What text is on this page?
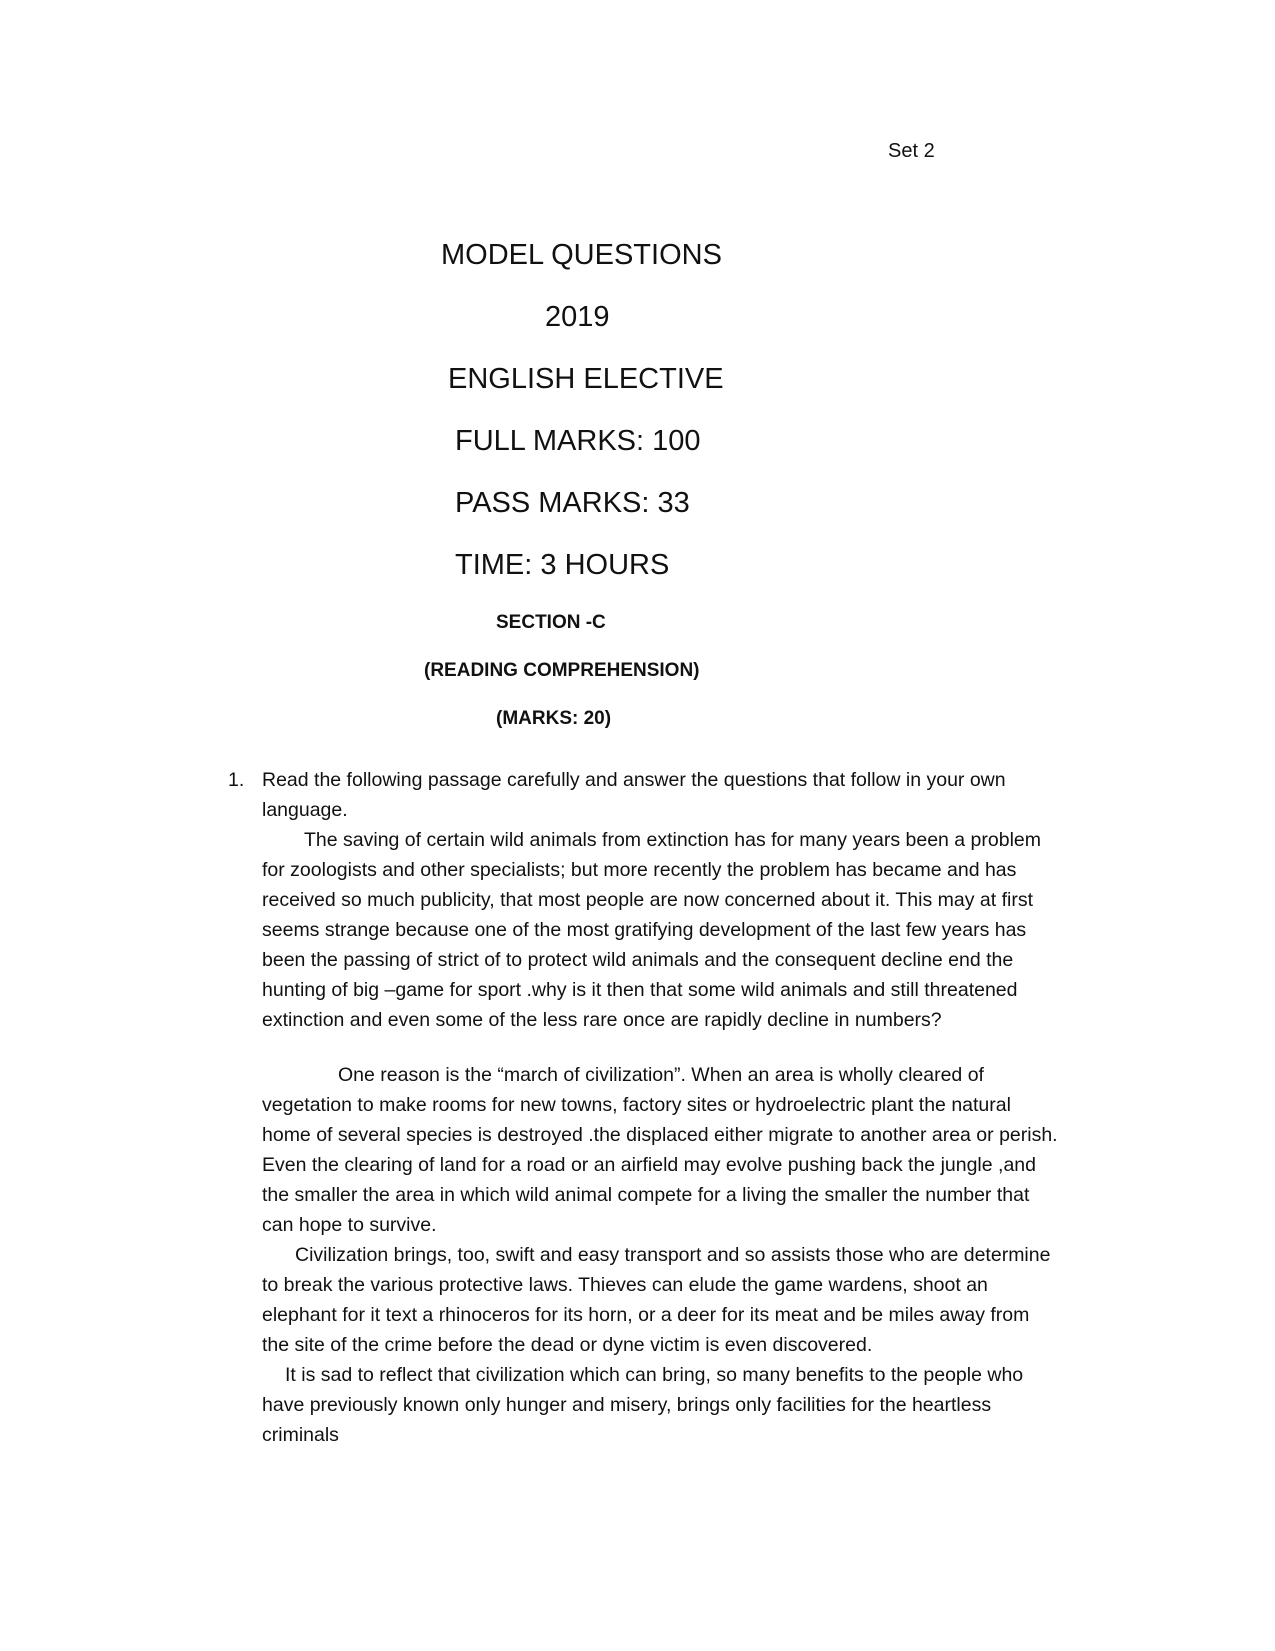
Set 2
MODEL QUESTIONS
2019
ENGLISH ELECTIVE
FULL MARKS: 100
PASS MARKS: 33
TIME: 3 HOURS
SECTION -C
(READING COMPREHENSION)
(MARKS: 20)
1. Read the following passage carefully and answer the questions that follow in your own
language.
The saving of certain wild animals from extinction has for many years been a problem
for zoologists and other specialists; but more recently the problem has became and has
received so much publicity, that most people are now concerned about it. This may at first
seems strange because one of the most gratifying development of the last few years has
been the passing of strict of to protect wild animals and the consequent decline end the
hunting of big –game for sport .why is it then that some wild animals and still threatened
extinction and even some of the less rare once are rapidly decline in numbers?
One reason is the “march of civilization”. When an area is wholly cleared of
vegetation to make rooms for new towns, factory sites or hydroelectric plant the natural
home of several species is destroyed .the displaced either migrate to another area or perish.
Even the clearing of land for a road or an airfield may evolve pushing back the jungle ,and
the smaller the area in which wild animal compete for a living the smaller the number that
can hope to survive.
Civilization brings, too, swift and easy transport and so assists those who are determine
to break the various protective laws. Thieves can elude the game wardens, shoot an
elephant for it text a rhinoceros for its horn, or a deer for its meat and be miles away from
the site of the crime before the dead or dyne victim is even discovered.
It is sad to reflect that civilization which can bring, so many benefits to the people who
have previously known only hunger and misery, brings only facilities for the heartless
criminals
